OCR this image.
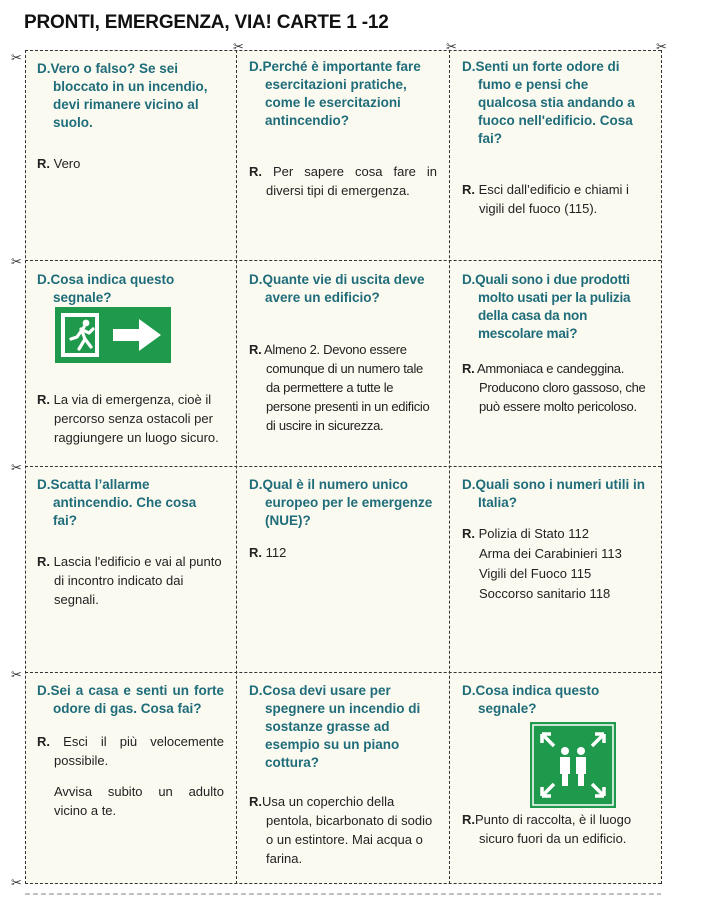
PRONTI, EMERGENZA, VIA! CARTE 1 -12

D.Vero o falso? Se sei bloccato in un incendio, devi rimanere vicino al suolo.

R. Vero

D.Perché è importante fare esercitazioni pratiche, come le esercitazioni antincendio?

R. Per sapere cosa fare in diversi tipi di emergenza.

D.Senti un forte odore di fumo e pensi che qualcosa stia andando a fuoco nell'edificio. Cosa fai?

R. Esci dall’edificio e chiami i vigili del fuoco (115).

D.Cosa indica questo segnale?

R. La via di emergenza, cioè il percorso senza ostacoli per raggiungere un luogo sicuro.

D.Quante vie di uscita deve avere un edificio?

R. Almeno 2. Devono essere comunque di un numero tale da permettere a tutte le persone presenti in un edificio di uscire in sicurezza.

D.Quali sono i due prodotti molto usati per la pulizia della casa da non mescolare mai?

R. Ammoniaca e candeggina. Producono cloro gassoso, che può essere molto pericoloso.

D.Scatta l’allarme antincendio. Che cosa fai?

R. Lascia l'edificio e vai al punto di incontro indicato dai segnali.

D.Qual è il numero unico europeo per le emergenze (NUE)?

R. 112

D.Quali sono i numeri utili in Italia?

R. Polizia di Stato 112
Arma dei Carabinieri 113
Vigili del Fuoco 115
Soccorso sanitario 118

D.Sei a casa e senti un forte odore di gas. Cosa fai?

R. Esci il più velocemente possibile.

Avvisa subito un adulto vicino a te.

D.Cosa devi usare per spegnere un incendio di sostanze grasse ad esempio su un piano cottura?

R.Usa un coperchio della pentola, bicarbonato di sodio o un estintore. Mai acqua o farina.

D.Cosa indica questo segnale?

R.Punto di raccolta, è il luogo sicuro fuori da un edificio.

✂
✂	✂	✂
✂
✂
✂
✂
